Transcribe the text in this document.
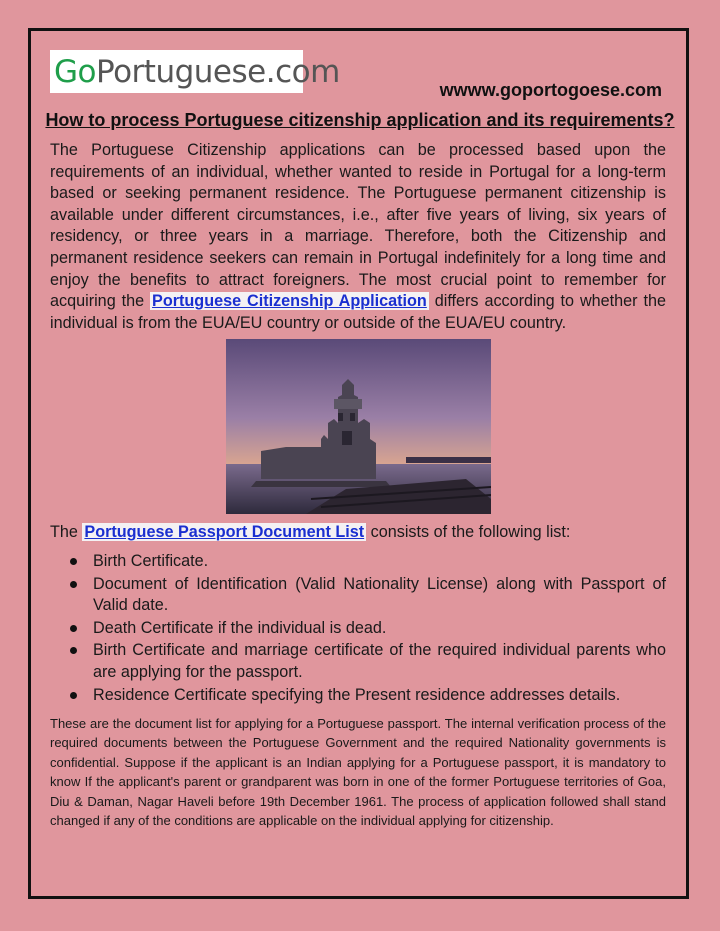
Go Portuguese.com
wwww.goportogoese.com
How to process Portuguese citizenship application and its requirements?
The Portuguese Citizenship applications can be processed based upon the requirements of an individual, whether wanted to reside in Portugal for a long-term based or seeking permanent residence. The Portuguese permanent citizenship is available under different circumstances, i.e., after five years of living, six years of residency, or three years in a marriage. Therefore, both the Citizenship and permanent residence seekers can remain in Portugal indefinitely for a long time and enjoy the benefits to attract foreigners. The most crucial point to remember for acquiring the Portuguese Citizenship Application differs according to whether the individual is from the EUA/EU country or outside of the EUA/EU country.
The Portuguese Passport Document List consists of the following list:
Birth Certificate.
Document of Identification (Valid Nationality License) along with Passport of Valid date.
Death Certificate if the individual is dead.
Birth Certificate and marriage certificate of the required individual parents who are applying for the passport.
Residence Certificate specifying the Present residence addresses details.
These are the document list for applying for a Portuguese passport. The internal verification process of the required documents between the Portuguese Government and the required Nationality governments is confidential. Suppose if the applicant is an Indian applying for a Portuguese passport, it is mandatory to know If the applicant's parent or grandparent was born in one of the former Portuguese territories of Goa, Diu & Daman, Nagar Haveli before 19th December 1961. The process of application followed shall stand changed if any of the conditions are applicable on the individual applying for citizenship.
